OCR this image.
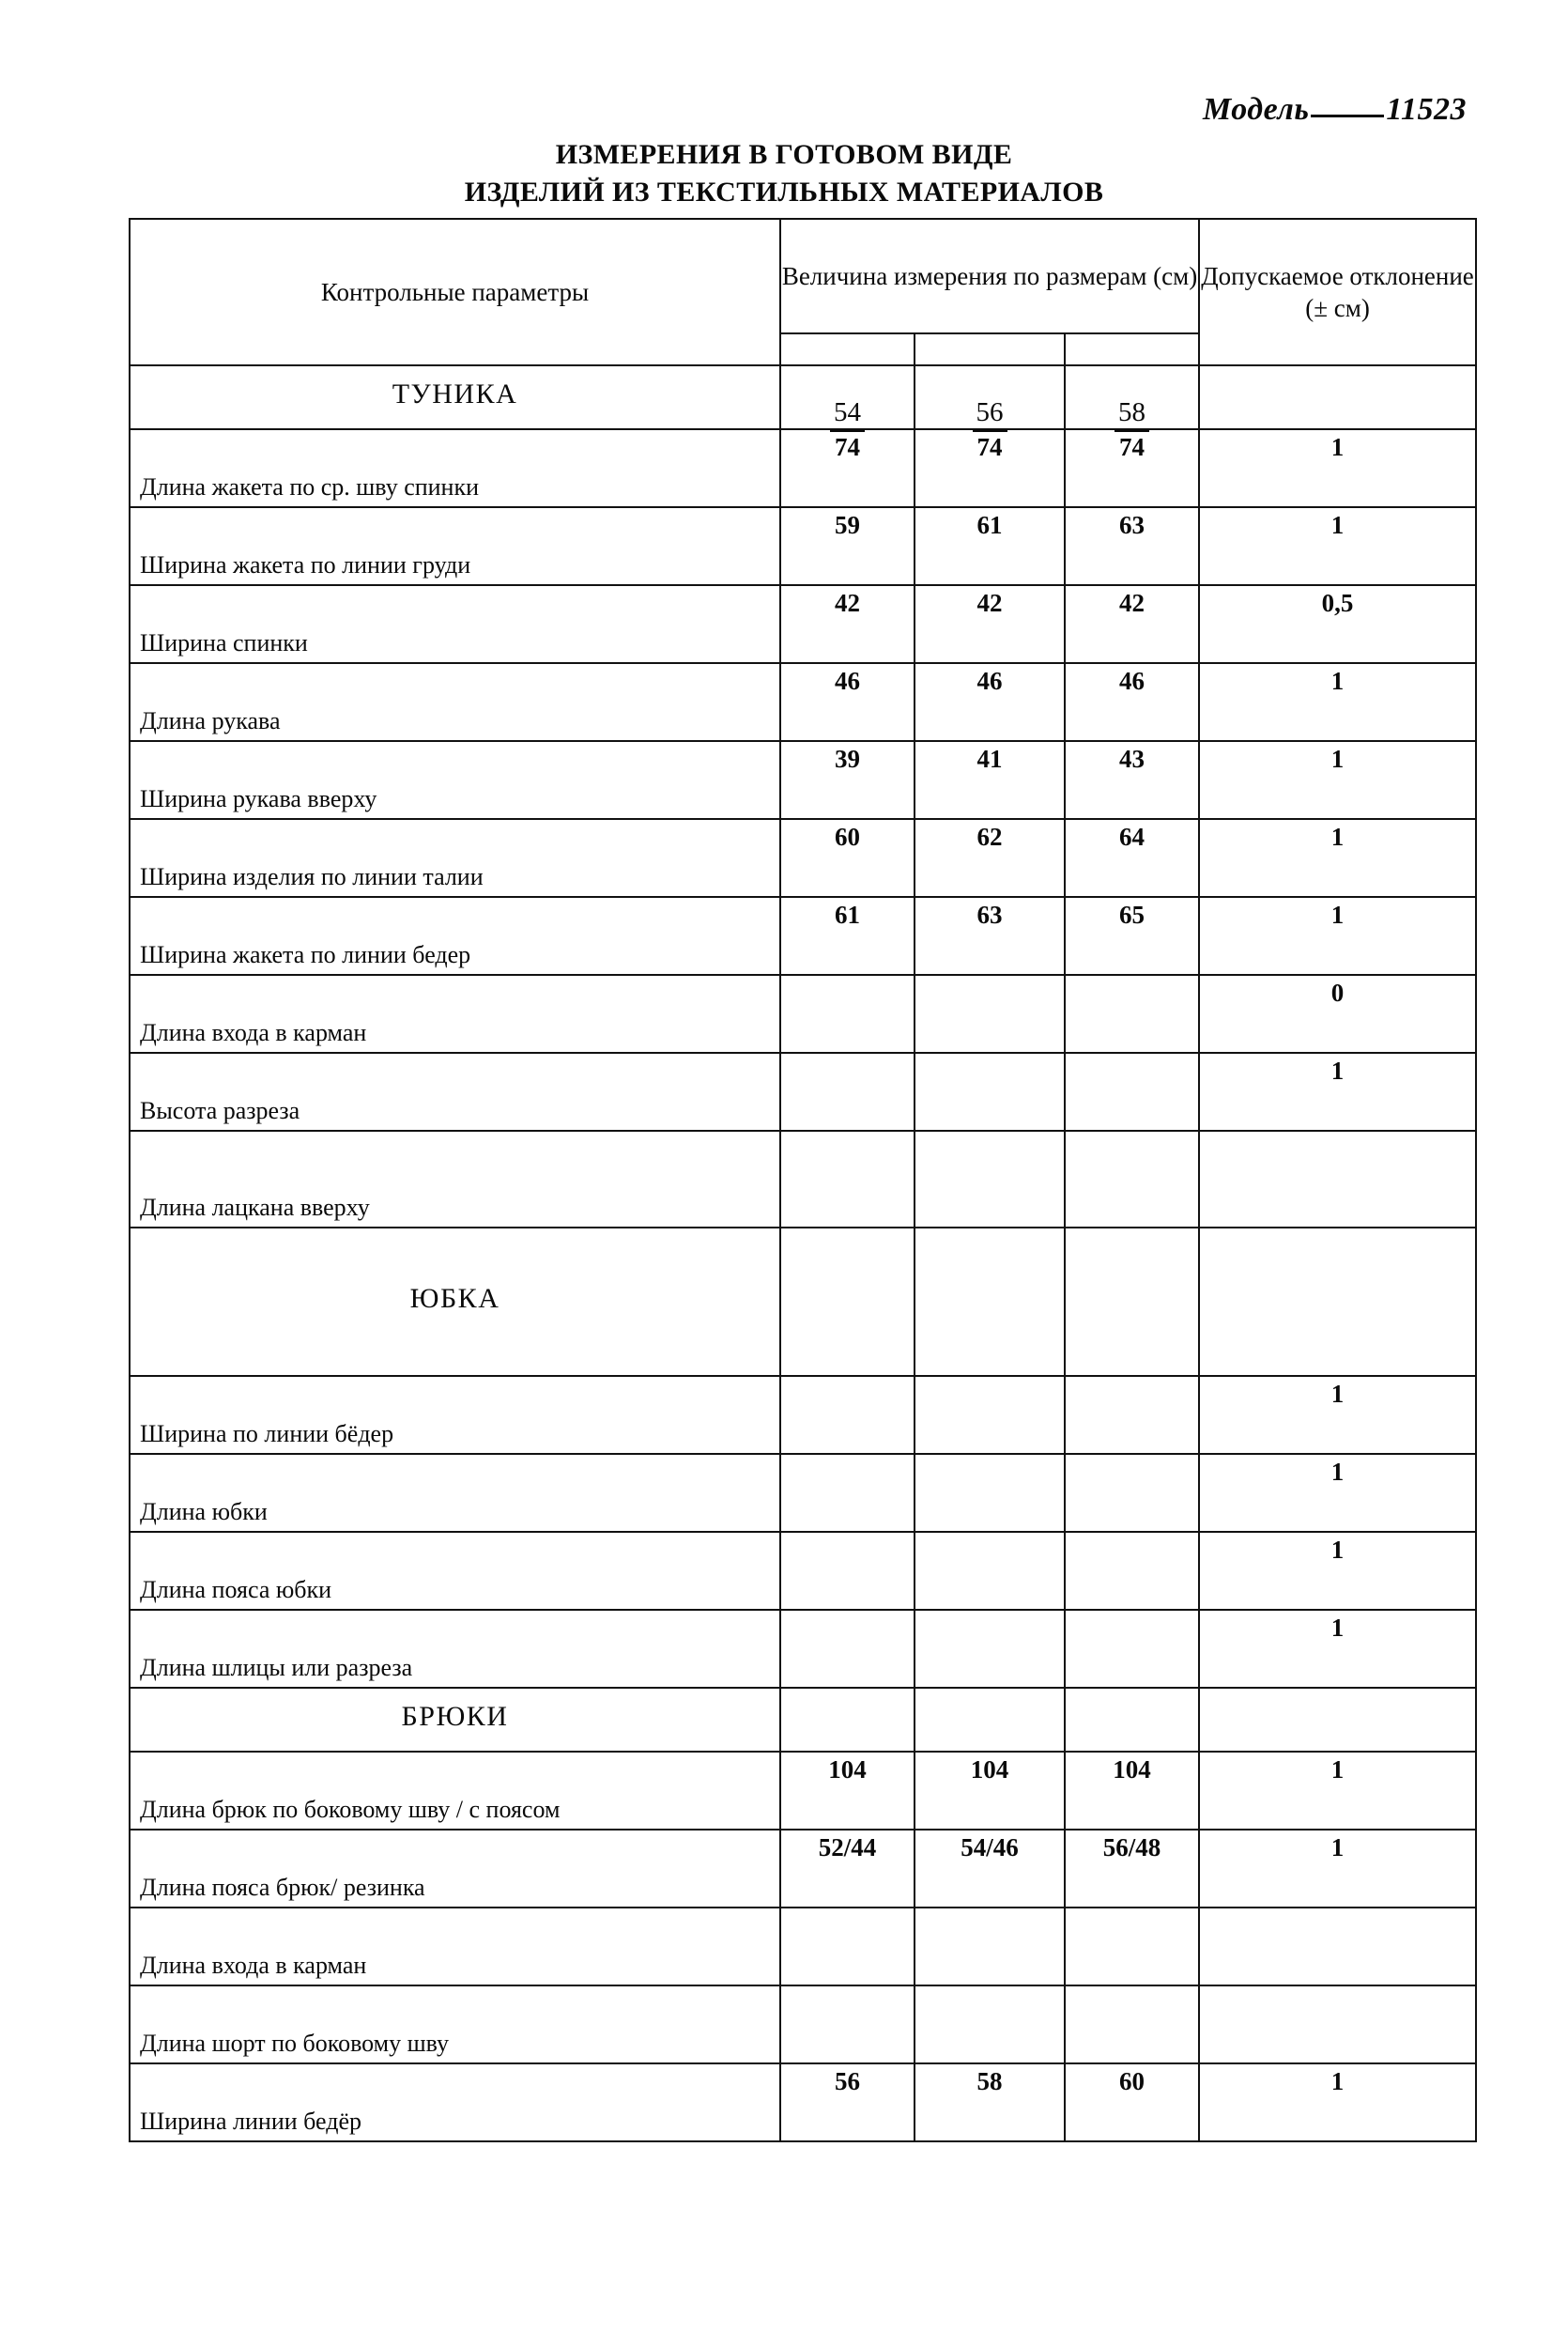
Модель 11523
ИЗМЕРЕНИЯ В ГОТОВОМ ВИДЕ
ИЗДЕЛИЙ ИЗ ТЕКСТИЛЬНЫХ МАТЕРИАЛОВ
Контрольные параметры	Величина измерения по размерам (см)			Допускаемое отклонение (± см)

ТУНИКА	54	56	58	
Длина жакета по ср. шву спинки	74	74	74	1
Ширина жакета по линии груди	59	61	63	1
Ширина спинки	42	42	42	0,5
Длина рукава	46	46	46	1
Ширина рукава вверху	39	41	43	1
Ширина изделия по линии талии	60	62	64	1
Ширина жакета по линии бедер	61	63	65	1
Длина входа в карман				0
Высота разреза				1
Длина лацкана вверху				
ЮБКА				
Ширина по линии бёдер				1
Длина юбки				1
Длина пояса юбки				1
Длина шлицы или разреза				1
БРЮКИ				
Длина брюк по боковому шву / с поясом	104	104	104	1
Длина пояса брюк/ резинка	52/44	54/46	56/48	1
Длина входа в карман				
Длина шорт по боковому шву				
Ширина линии бедёр	56	58	60	1
